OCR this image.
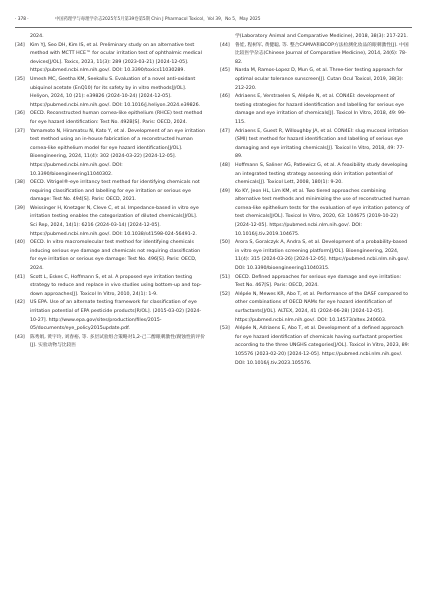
· 378 ·	中国药理学与毒理学杂志2025年5月第39卷第5期 Chin J Pharmacol Toxicol，Vol 39，No 5，May 2025
2024.
[34] Kim YJ, Seo DH, Kim IS, et al. Preliminary study on an alternative test method with MCTT HCE™ for ocular irritation test of ophthalmic medical devices[J/OL]. Toxics, 2023, 11(3): 289 (2023-03-21) [2024-12-05]. https://pubmed.ncbi.nlm.nih.gov/. DOI: 10.3390/toxics11030289.
[35] Umesh MC, Geetha KM, Seekallu S. Evaluation of a novel anti-oxidant ubiquinol acetate (EnQ10) for its safety by in vitro methods[J/OL]. Heliyon, 2024, 10 (21): e39826 (2024-10-24) [2024-12-05]. https://pubmed.ncbi.nlm.nih.gov/. DOI: 10.1016/j.heliyon.2024.e39826.
[36] OECD. Reconstructed human cornea-like epithelium (RHCE) test method for eye hazard identification: Test No. 492B[S]. Paris: OECD, 2024.
[37] Yamamoto N, Hiramatsu N, Kato Y, et al. Development of an eye irritation test method using an in-house fabrication of a reconstructed human cornea-like epithelium model for eye hazard identification[J/OL]. Bioengineering, 2024, 11(4): 302 (2024-03-22) [2024-12-05]. https://pubmed.ncbi.nlm.nih.gov/. DOI: 10.3390/bioengineering11040302.
[38] OECD. Vitrigel®-eye irritancy test method for identifying chemicals not requiring classification and labelling for eye irritation or serious eye damage: Test No. 494[S]. Paris: OECD, 2021.
[39] Weissinger H, Knetzger N, Cleve C, et al. Impedance-based in vitro eye irritation testing enables the categorization of diluted chemicals[J/OL]. Sci Rep, 2024, 14(1): 6216 (2024-03-14) [2024-12-05]. https://pubmed.ncbi.nlm.nih.gov/. DOI: 10.1038/s41598-024-56491-2.
[40] OECD. In vitro macromolecular test method for identifying chemicals inducing serious eye damage and chemicals not requiring classification for eye irritation or serious eye damage: Test No. 496[S]. Paris: OECD, 2024.
[41] Scott L, Eskes C, Hoffmann S, et al. A proposed eye irritation testing strategy to reduce and replace in vivo studies using bottom-up and top-down approaches[J]. Toxicol In Vitro, 2010, 24(1): 1-9.
[42] US EPA. Use of an alternate testing framework for classification of eye irritation potential of EPA pesticide products[R/OL]. (2015-03-02) [2024-10-27]. http://www.epa.gov/sites/production/files/2015-05/documents/eye_policy2015update.pdf.
[43] 陈秀娟, 黄宇玲, 刘春裕, 等. 多层试验组合策略对1,2-己二醇眼刺激性/腐蚀性的评价[J]. 实验动物与比较医
学(Laboratory Animal and Comparative Medicine), 2018, 38(3): 217-221.
[44] 鲁娃, 程树军, 黄健聪, 等. 整合CAMVA和BCOP方法检测化妆品的眼刺激性[J]. 中国比较医学杂志(Chinese Journal of Comparative Medicine), 2014, 24(6): 78-82.
[45] Narda M, Ramos-Lopez D, Mun G, et al. Three-tier testing approach for optimal ocular tolerance sunscreen[J]. Cutan Ocul Toxicol, 2019, 38(3): 212-220.
[46] Adriaens E, Verstraelen S, Alépée N, et al. CON4EI: development of testing strategies for hazard identification and labelling for serious eye damage and eye irritation of chemicals[J]. Toxicol In Vitro, 2018, 49: 99-115.
[47] Adriaens E, Guest R, Willoughby JA, et al. CON4EI: slug mucosal irritation (SMI) test method for hazard identification and labelling of serious eye damaging and eye irritating chemicals[J]. Toxicol In Vitro, 2018, 49: 77-89.
[48] Hoffmann S, Saliner AG, Patlewicz G, et al. A feasibility study developing an integrated testing strategy assessing skin irritation potential of chemicals[J]. Toxicol Lett, 2008, 180(1): 9-20.
[49] Ko KY, Jeon HL, Lim KM, et al. Two tiered approaches combining alternative test methods and minimizing the use of reconstructed human cornea-like epithelium tests for the evaluation of eye irritation potency of test chemicals[J/OL]. Toxicol In Vitro, 2020, 63: 104675 (2019-10-22) [2024-12-05]. https://pubmed.ncbi.nlm.nih.gov/. DOI: 10.1016/j.tiv.2019.104675.
[50] Arora S, Goralczyk A, Andra S, et al. Development of a probability-based in vitro eye irritation screening platform[J/OL]. Bioengineering, 2024, 11(4): 315 (2024-03-26) [2024-12-05]. https://pubmed.ncbi.nlm.nih.gov/. DOI: 10.3390/bioengineering11040315.
[51] OECD. Defined approaches for serious eye damage and eye irritation: Test No. 467[S]. Paris: OECD, 2024.
[52] Alépée N, Mewes KR, Abo T, et al. Performance of the DASF compared to other combinations of OECD NAMs for eye hazard identification of surfactants[J/OL]. ALTEX, 2024, 41 (2024-06-28) [2024-12-05]. https://pubmed.ncbi.nlm.nih.gov/. DOI: 10.14573/altex.240603.
[53] Alépée N, Adriaens E, Abo T, et al. Development of a defined approach for eye hazard identification of chemicals having surfactant properties according to the three UNGHS categories[J/OL]. Toxicol in Vitro, 2023, 89: 105576 (2023-02-20) [2024-12-05]. https://pubmed.ncbi.nlm.nih.gov/. DOI: 10.1016/j.tiv.2023.105576.
